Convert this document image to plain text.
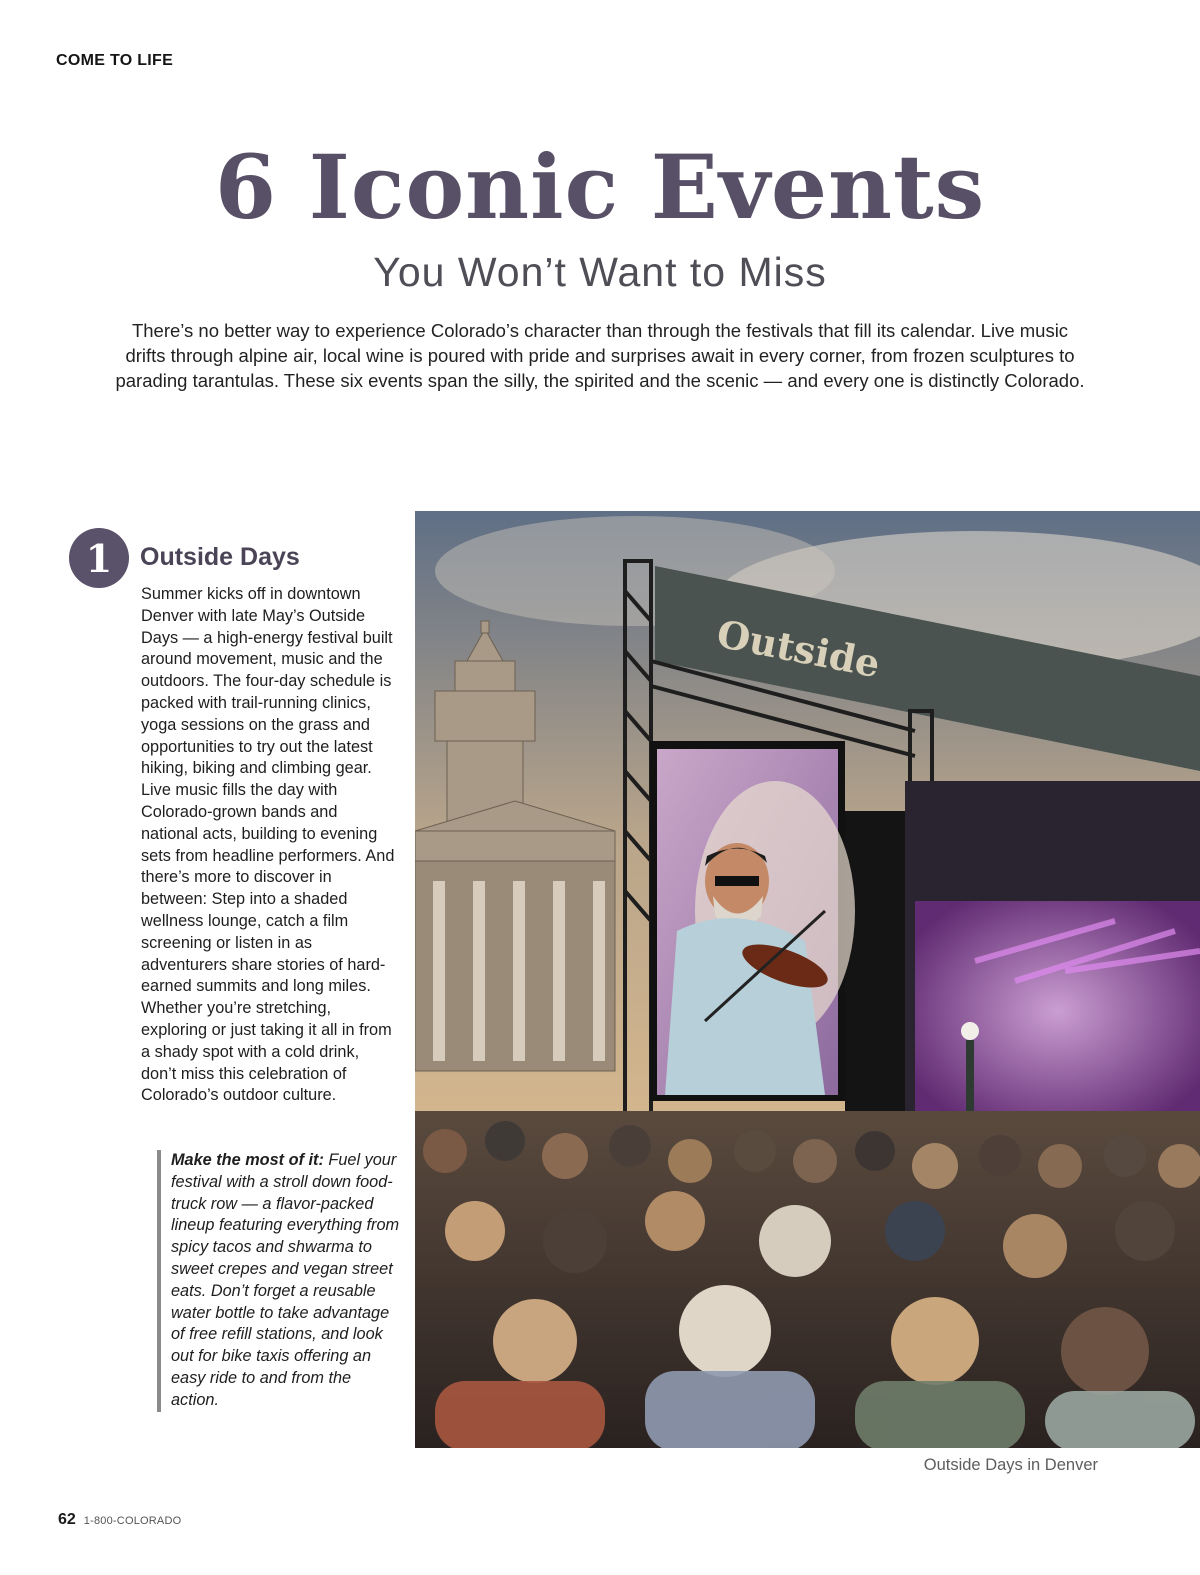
COME TO LIFE
6 Iconic Events
You Won’t Want to Miss
There’s no better way to experience Colorado’s character than through the festivals that fill its calendar. Live music
drifts through alpine air, local wine is poured with pride and surprises await in every corner, from frozen sculptures to
parading tarantulas. These six events span the silly, the spirited and the scenic — and every one is distinctly Colorado.
1	Outside Days

Summer kicks off in downtown Denver with late May’s Outside Days — a high-energy festival built around movement, music and the outdoors. The four-day schedule is packed with trail-running clinics, yoga sessions on the grass and opportunities to try out the latest hiking, biking and climbing gear.

Live music fills the day with Colorado-grown bands and national acts, building to evening sets from headline performers. And there’s more to discover in between: Step into a shaded wellness lounge, catch a film screening or listen in as adventurers share stories of hard-earned summits and long miles. Whether you’re stretching, exploring or just taking it all in from a shady spot with a cold drink, don’t miss this celebration of Colorado’s outdoor culture.

Make the most of it: Fuel your festival with a stroll down food-truck row — a flavor-packed lineup featuring everything from spicy tacos and shwarma to sweet crepes and vegan street eats. Don’t forget a reusable water bottle to take advantage of free refill stations, and look out for bike taxis offering an easy ride to and from the action.
Outside
Outside Days in Denver
62 1-800-COLORADO
